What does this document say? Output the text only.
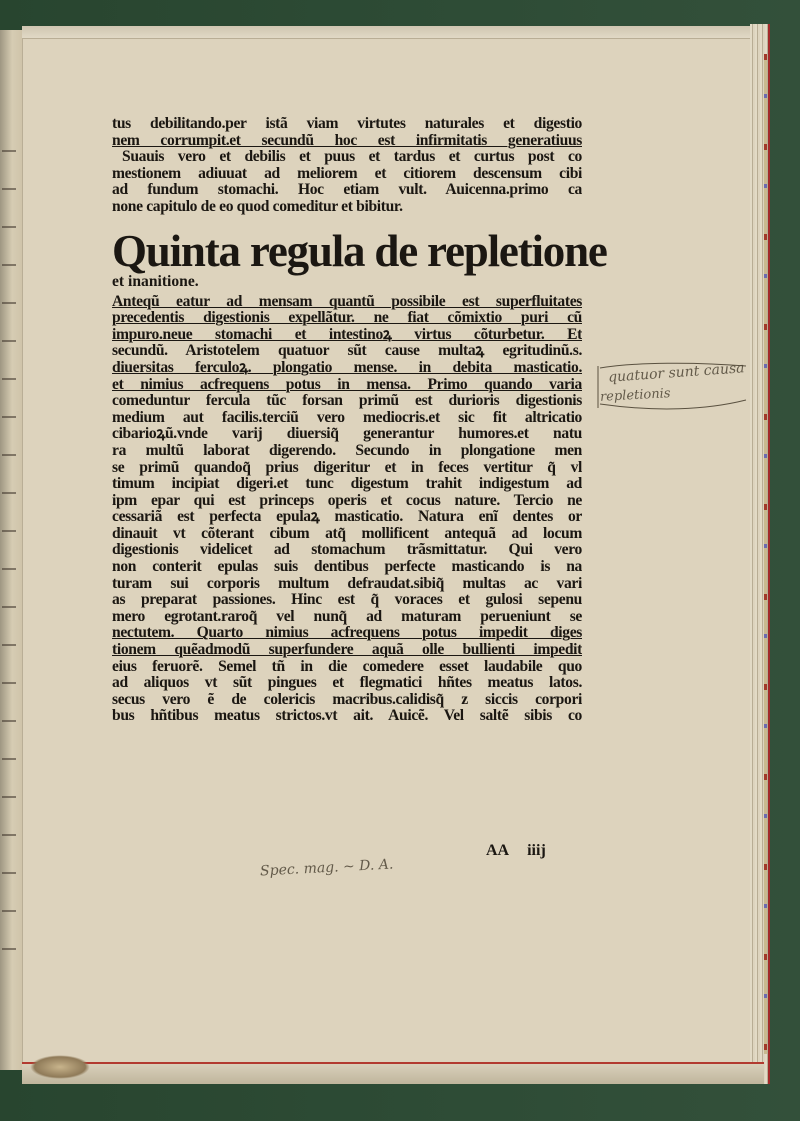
tus debilitando.per istã viam virtutes naturales et digestio
nem corrumpit.et secundũ hoc est infirmitatis generatiuus
Suauis vero et debilis et puus et tardus et curtus post co
mestionem adiuuat ad meliorem et citiorem descensum cibi
ad fundum stomachi. Hoc etiam vult. Auicenna.primo ca
none capitulo de eo quod comeditur et bibitur.
Quinta regula de repletione
et inanitione.
Anteqũ eatur ad mensam quantũ possibile est superfluitates
precedentis digestionis expellãtur. ne fiat cõmixtio puri cũ
impuro.neue stomachi et intestinoꝝ virtus cõturbetur. Et
secundũ. Aristotelem quatuor sũt cause multaꝝ egritudinũ.s.
diuersitas ferculoꝝ. plongatio mense. in debita masticatio.
et nimius acfrequens potus in mensa. Primo quando varia
comeduntur fercula tũc forsan primũ est durioris digestionis
medium aut facilis.terciũ vero mediocris.et sic fit altricatio
cibarioꝝũ.vnde varij diuersiq̃ generantur humores.et natu
ra multũ laborat digerendo. Secundo in plongatione men
se primũ quandoq̃ prius digeritur et in feces vertitur q̃ vl
timum incipiat digeri.et tunc digestum trahit indigestum ad
ipm epar qui est princeps operis et cocus nature. Tercio ne
cessariã est perfecta epulaꝝ masticatio. Natura enĩ dentes or
dinauit vt cõterant cibum atq̃ mollificent antequã ad locum
digestionis videlicet ad stomachum trãsmittatur. Qui vero
non conterit epulas suis dentibus perfecte masticando is na
turam sui corporis multum defraudat.sibiq̃ multas ac vari
as preparat passiones. Hinc est q̃ voraces et gulosi sepenu
mero egrotant.raroq̃ vel nunq̃ ad maturam perueniunt se
nectutem. Quarto nimius acfrequens potus impedit diges
tionem quẽadmodũ superfundere aquã olle bullienti impedit
eius feruorẽ. Semel tñ in die comedere esset laudabile quo
ad aliquos vt sũt pingues et flegmatici hñtes meatus latos.
secus vero ẽ de colericis macribus.calidisq̃ z siccis corpori
bus hñtibus meatus strictos.vt ait. Auicẽ. Vel saltẽ sibis co
AA iiij
quatuor sunt causa
repletionis
Spec. mag. ~ D. A.
